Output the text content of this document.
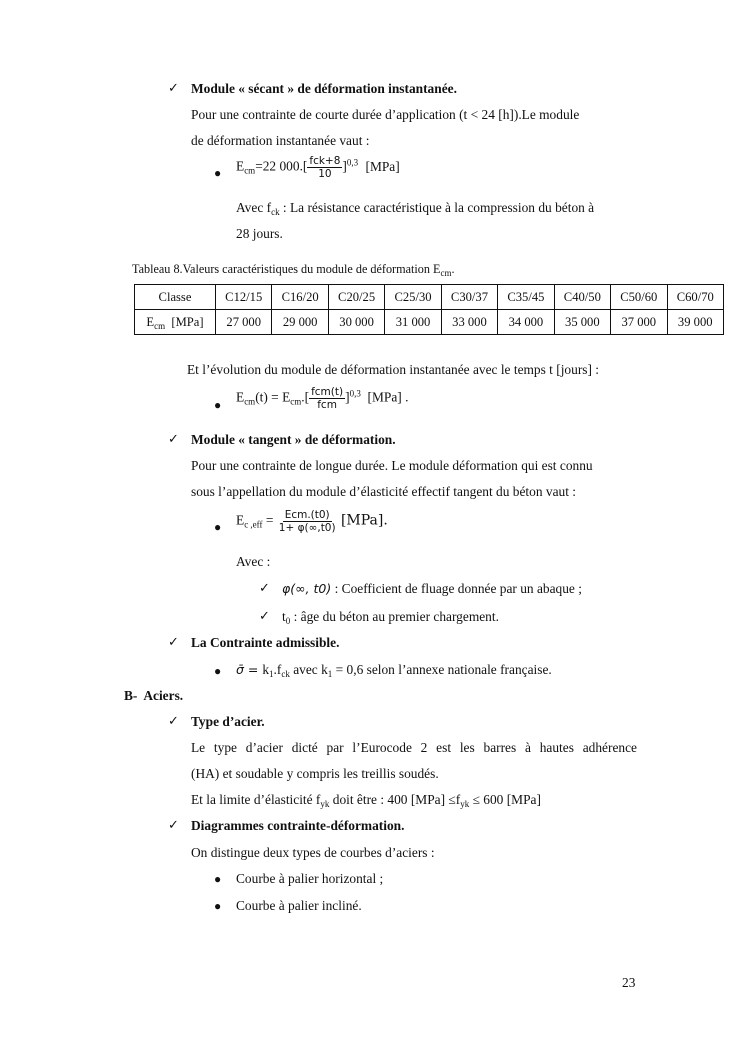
✓ Module « sécant » de déformation instantanée.
Pour une contrainte de courte durée d’application (t < 24 [h]).Le module
de déformation instantanée vaut :
● $E_{cm}=22$ $000.[ \frac{\text{fck+8}}{10} ]^{0,3}$ [MPa]
Avec $f_{ck}$ : La résistance caractéristique à la compression du béton à
28 jours.
Tableau 8.Valeurs caractéristiques du module de déformation $E_{cm}$.
Classe	C12/15	C16/20	C20/25	C25/30	C30/37	C35/45	C40/50	C50/60	C60/70
$E_{cm}$  [MPa]	27 000	29 000	30 000	31 000	33 000	34 000	35 000	37 000	39 000
Et l’évolution du module de déformation instantanée avec le temps t [jours] :
●
$E_{cm}(t) = E_{cm}.[ \frac{\text{fcm(t)}}{\text{fcm}} ]^{0,3}$  [MPa] .
✓ Module « tangent » de déformation.
Pour une contrainte de longue durée. Le module déformation qui est connu
sous l’appellation du module d’élasticité effectif tangent du béton vaut :
● $E_{c ,eff} = \frac{\text{Ecm.(t0)}}{1+ \varphi(\infty,t0)} [MPa]$.
Avec :
✓ φ(∞, t0) : Coefficient de fluage donnée par un abaque ;
✓ $t_0$ : âge du béton au premier chargement.
✓ La Contrainte admissible.
● σ̄ = $k_1.f_{ck}$ avec $k_1 = 0,6$ selon l’annexe nationale française.
B-  Aciers.
✓ Type d’acier.
Le type d’acier dicté par l’Eurocode 2 est les barres à hautes adhérence
(HA) et soudable y compris les treillis soudés.
Et la limite d’élasticité $f_{yk}$ doit être : 400 $[MPa] \le f_{yk} \le 600$ [MPa]
✓ Diagrammes contrainte-déformation.
On distingue deux types de courbes d’aciers :
● Courbe à palier horizontal ;
● Courbe à palier incliné.
23
